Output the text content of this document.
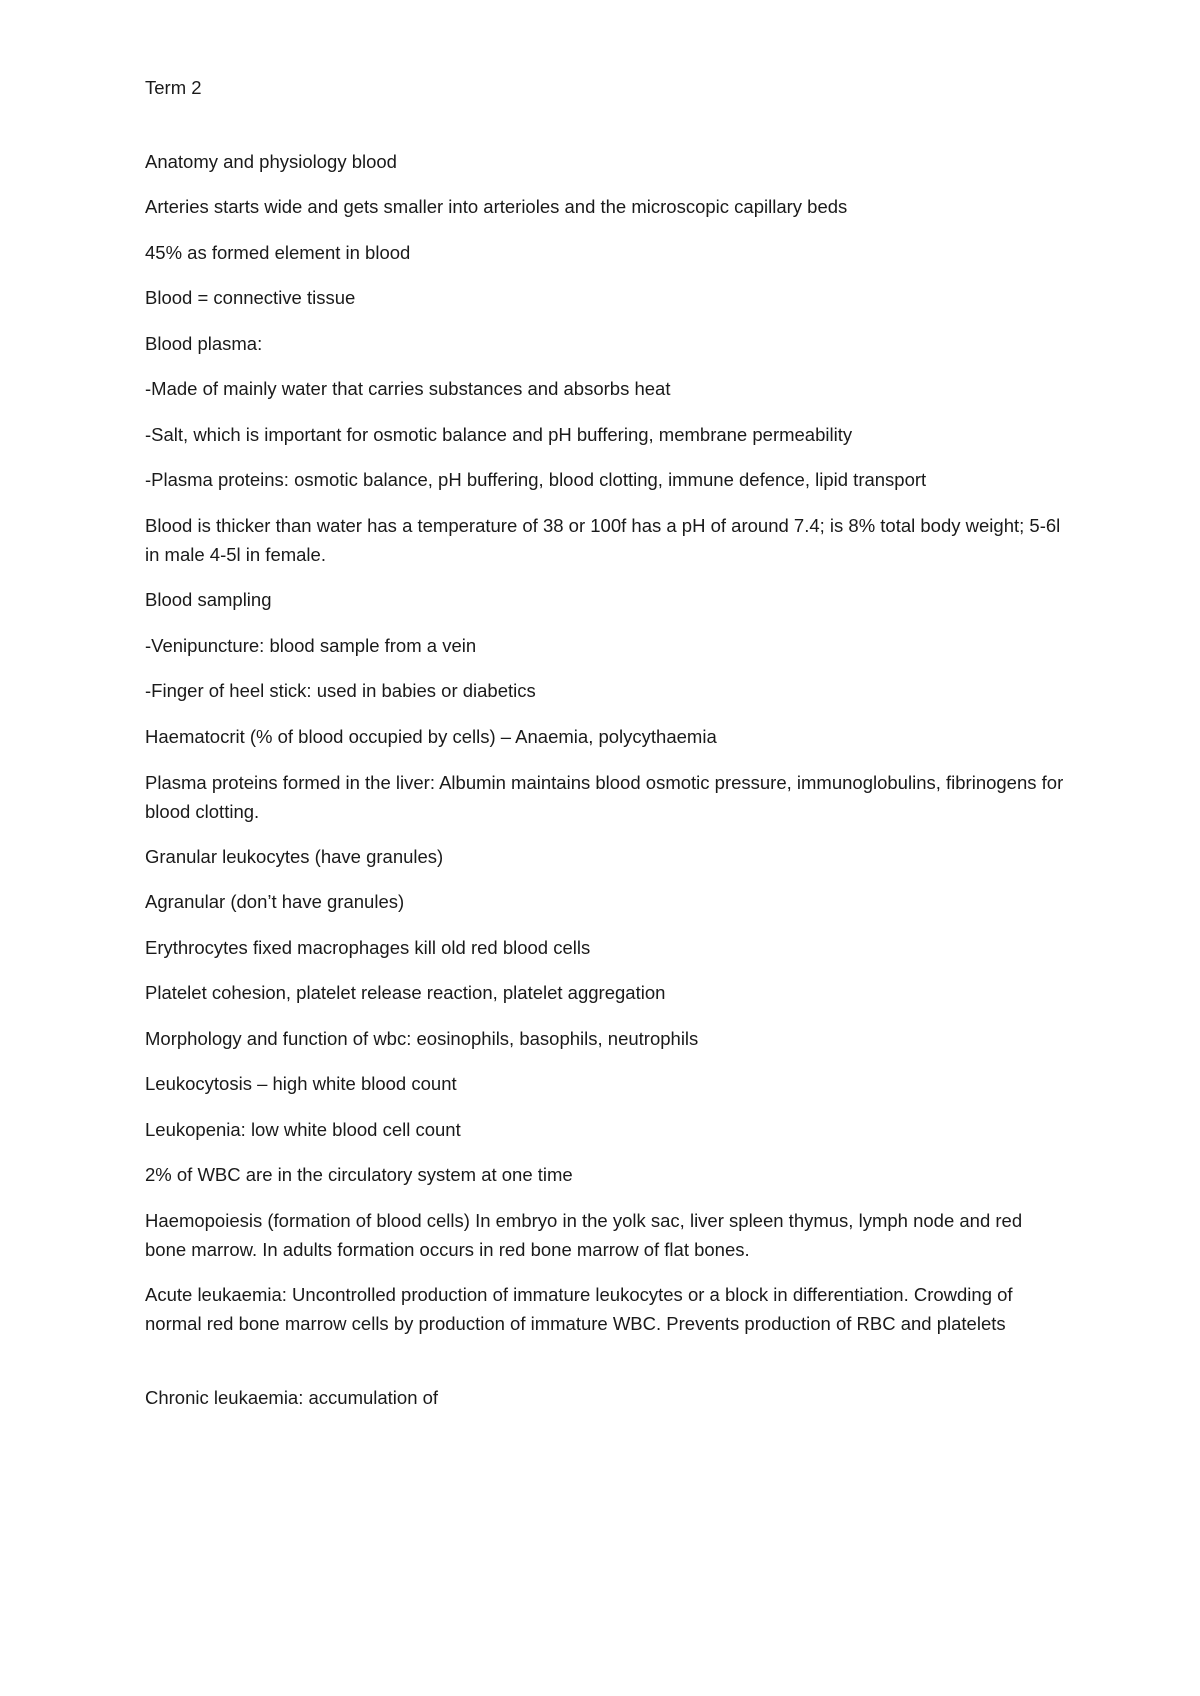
Term 2

Anatomy and physiology blood

Arteries starts wide and gets smaller into arterioles and the microscopic capillary beds

45% as formed element in blood

Blood = connective tissue

Blood plasma:

-Made of mainly water that carries substances and absorbs heat

-Salt, which is important for osmotic balance and pH buffering, membrane permeability

-Plasma proteins: osmotic balance, pH buffering, blood clotting, immune defence, lipid transport

Blood is thicker than water has a temperature of 38 or 100f has a pH of around 7.4; is 8% total body weight; 5-6l in male 4-5l in female.

Blood sampling

-Venipuncture: blood sample from a vein

-Finger of heel stick: used in babies or diabetics

Haematocrit (% of blood occupied by cells) – Anaemia, polycythaemia

Plasma proteins formed in the liver: Albumin maintains blood osmotic pressure, immunoglobulins, fibrinogens for blood clotting.

Granular leukocytes (have granules)

Agranular (don’t have granules)

Erythrocytes fixed macrophages kill old red blood cells

Platelet cohesion, platelet release reaction, platelet aggregation

Morphology and function of wbc: eosinophils, basophils, neutrophils

Leukocytosis – high white blood count

Leukopenia: low white blood cell count

2% of WBC are in the circulatory system at one time

Haemopoiesis (formation of blood cells) In embryo in the yolk sac, liver spleen thymus, lymph node and red bone marrow. In adults formation occurs in red bone marrow of flat bones.

Acute leukaemia: Uncontrolled production of immature leukocytes or a block in differentiation. Crowding of normal red bone marrow cells by production of immature WBC. Prevents production of RBC and platelets

Chronic leukaemia: accumulation of
